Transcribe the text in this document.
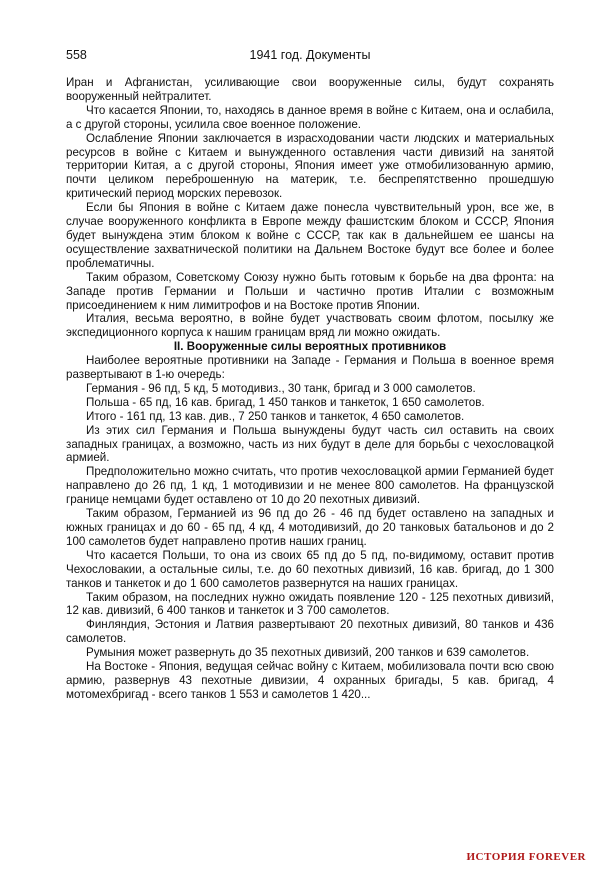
558	1941 год. Документы

Иран и Афганистан, усиливающие свои вооруженные силы, будут сохранять вооруженный нейтралитет.

Что касается Японии, то, находясь в данное время в войне с Китаем, она и ослабила, а с другой стороны, усилила свое военное положение.

Ослабление Японии заключается в израсходовании части людских и материальных ресурсов в войне с Китаем и вынужденного оставления части дивизий на занятой территории Китая, а с другой стороны, Япония имеет уже отмобилизованную армию, почти целиком переброшенную на материк, т.е. беспрепятственно прошедшую критический период морских перевозок.

Если бы Япония в войне с Китаем даже понесла чувствительный урон, все же, в случае вооруженного конфликта в Европе между фашистским блоком и СССР, Япония будет вынуждена этим блоком к войне с СССР, так как в дальнейшем ее шансы на осуществление захватнической политики на Дальнем Востоке будут все более и более проблематичны.

Таким образом, Советскому Союзу нужно быть готовым к борьбе на два фронта: на Западе против Германии и Польши и частично против Италии с возможным присоединением к ним лимитрофов и на Востоке против Японии.

Италия, весьма вероятно, в войне будет участвовать своим флотом, посылку же экспедиционного корпуса к нашим границам вряд ли можно ожидать.

II. Вооруженные силы вероятных противников

Наиболее вероятные противники на Западе - Германия и Польша в военное время развертывают в 1-ю очередь:

Германия - 96 пд, 5 кд, 5 мотодивиз., 30 танк, бригад и 3 000 самолетов.

Польша - 65 пд, 16 кав. бригад, 1 450 танков и танкеток, 1 650 самолетов.

Итого - 161 пд, 13 кав. див., 7 250 танков и танкеток, 4 650 самолетов.

Из этих сил Германия и Польша вынуждены будут часть сил оставить на своих западных границах, а возможно, часть из них будут в деле для борьбы с чехословацкой армией.

Предположительно можно считать, что против чехословацкой армии Германией будет направлено до 26 пд, 1 кд, 1 мотодивизии и не менее 800 самолетов. На французской границе немцами будет оставлено от 10 до 20 пехотных дивизий.

Таким образом, Германией из 96 пд до 26 - 46 пд будет оставлено на западных и южных границах и до 60 - 65 пд, 4 кд, 4 мотодивизий, до 20 танковых батальонов и до 2 100 самолетов будет направлено против наших границ.

Что касается Польши, то она из своих 65 пд до 5 пд, по-видимому, оставит против Чехословакии, а остальные силы, т.е. до 60 пехотных дивизий, 16 кав. бригад, до 1 300 танков и танкеток и до 1 600 самолетов развернутся на наших границах.

Таким образом, на последних нужно ожидать появление 120 - 125 пехотных дивизий, 12 кав. дивизий, 6 400 танков и танкеток и 3 700 самолетов.

Финляндия, Эстония и Латвия развертывают 20 пехотных дивизий, 80 танков и 436 самолетов.

Румыния может развернуть до 35 пехотных дивизий, 200 танков и 639 самолетов.

На Востоке - Япония, ведущая сейчас войну с Китаем, мобилизовала почти всю свою армию, развернув 43 пехотные дивизии, 4 охранных бригады, 5 кав. бригад, 4 мотомехбригад - всего танков 1 553 и самолетов 1 420...

ИСТОРИЯ FOREVER
